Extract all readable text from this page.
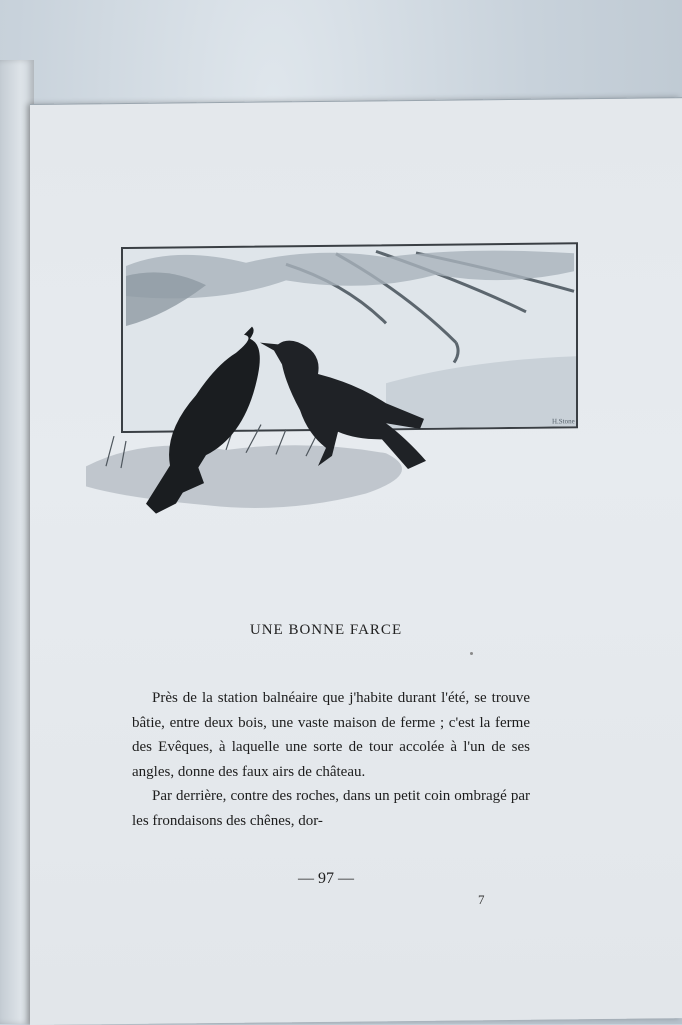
H.Stone
UNE BONNE FARCE

Près de la station balnéaire que j'habite durant l'été, se trouve bâtie, entre deux bois, une vaste maison de ferme ; c'est la ferme des Evêques, à laquelle une sorte de tour accolée à l'un de ses angles, donne des faux airs de château.

Par derrière, contre des roches, dans un petit coin ombragé par les frondaisons des chênes, dor-

— 97 —
7
